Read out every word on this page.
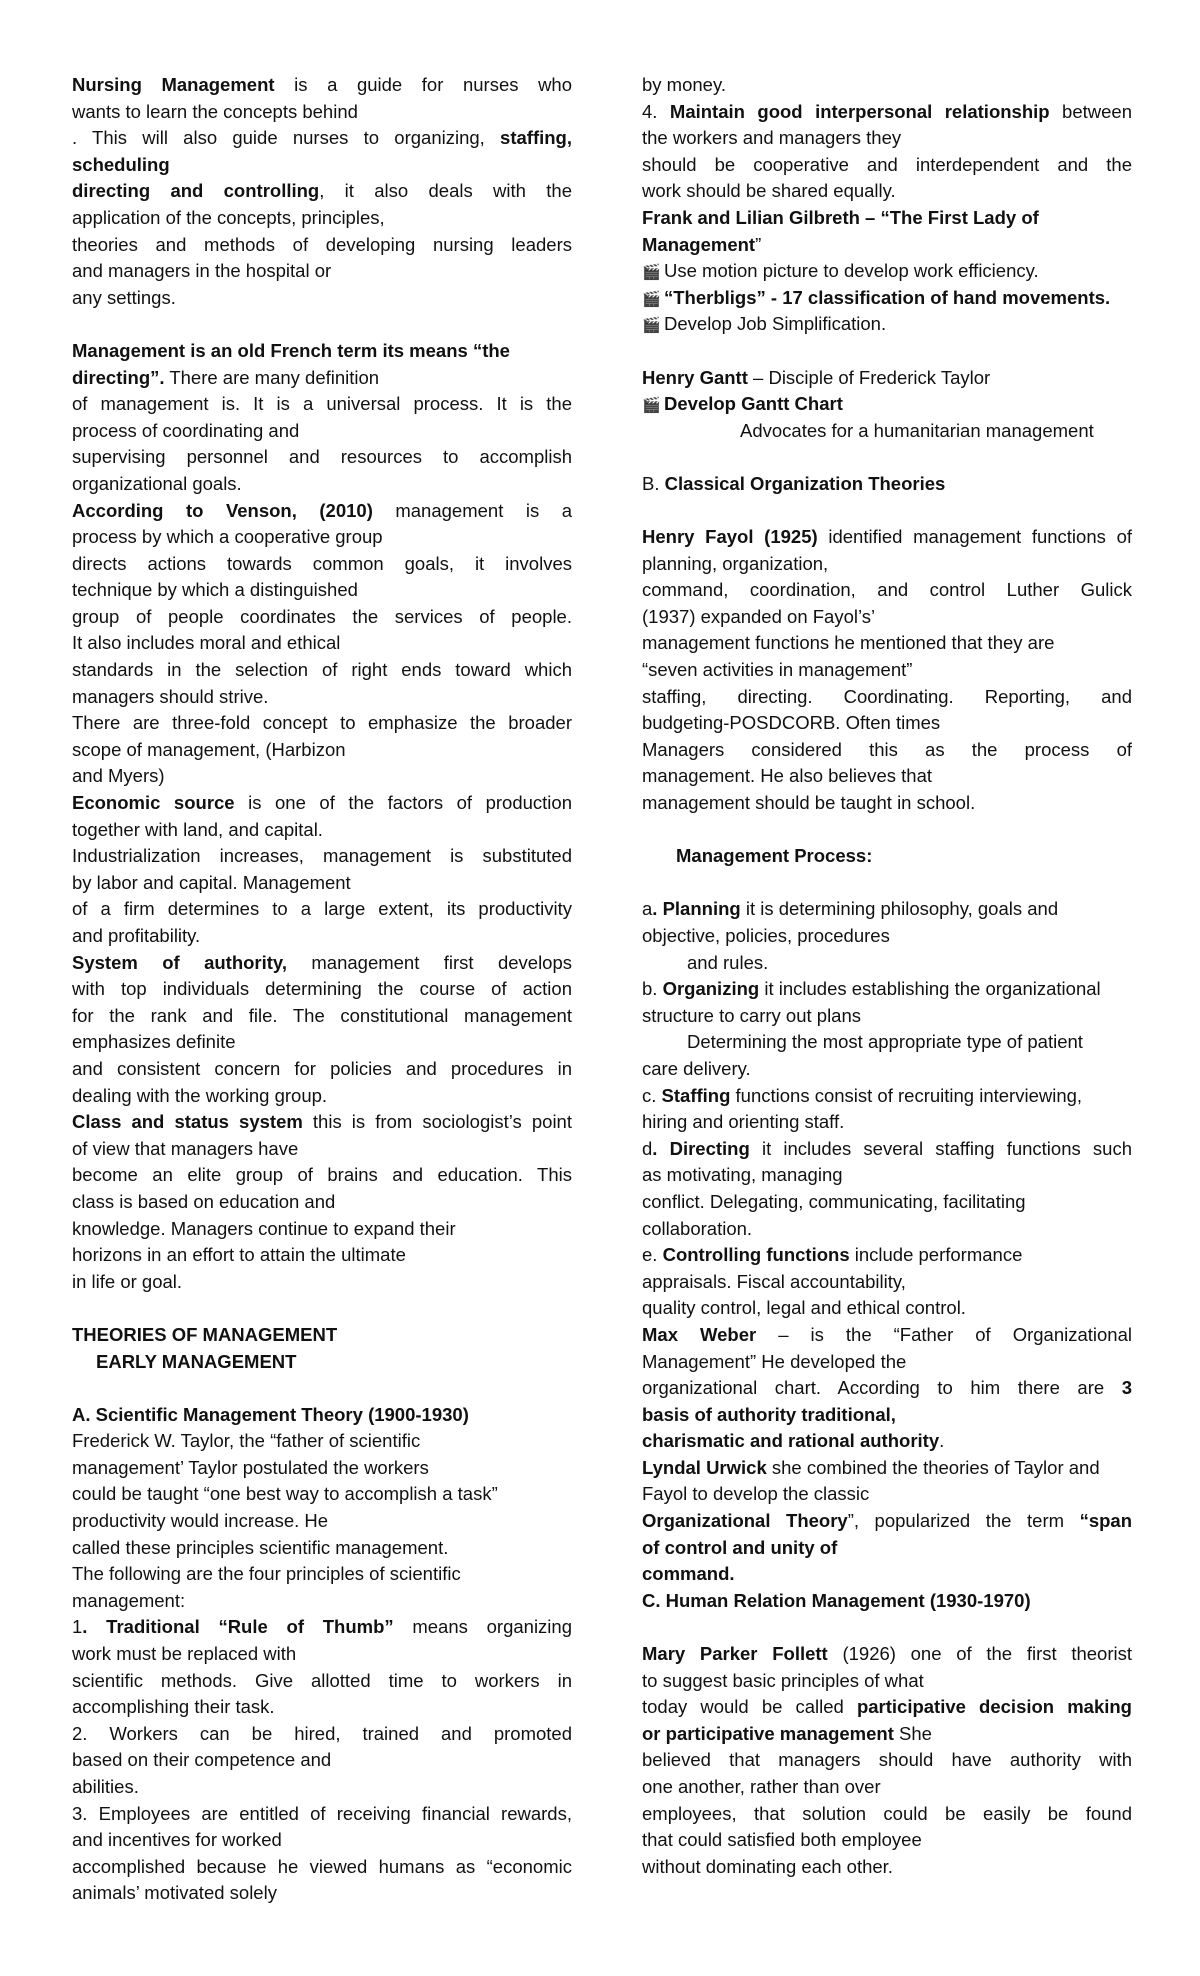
Nursing Management is a guide for nurses who
wants to learn the concepts behind
. This will also guide nurses to organizing, staffing,
scheduling
directing and controlling, it also deals with the
application of the concepts, principles,
theories and methods of developing nursing leaders
and managers in the hospital or
any settings.
Management is an old French term its means “the
directing”. There are many definition
of management is. It is a universal process. It is the
process of coordinating and
supervising personnel and resources to accomplish
organizational goals.
According to Venson, (2010) management is a
process by which a cooperative group
directs actions towards common goals, it involves
technique by which a distinguished
group of people coordinates the services of people.
It also includes moral and ethical
standards in the selection of right ends toward which
managers should strive.
There are three-fold concept to emphasize the broader
scope of management, (Harbizon
and Myers)
Economic source is one of the factors of production
together with land, and capital.
Industrialization increases, management is substituted
by labor and capital. Management
of a firm determines to a large extent, its productivity
and profitability.
System of authority, management first develops
with top individuals determining the course of action
for the rank and file. The constitutional management
emphasizes definite
and consistent concern for policies and procedures in
dealing with the working group.
Class and status system this is from sociologist’s point
of view that managers have
become an elite group of brains and education. This
class is based on education and
knowledge. Managers continue to expand their
horizons in an effort to attain the ultimate
in life or goal.
THEORIES OF MANAGEMENT
EARLY MANAGEMENT
A. Scientific Management Theory (1900-1930)
Frederick W. Taylor, the “father of scientific
management’ Taylor postulated the workers
could be taught “one best way to accomplish a task”
productivity would increase. He
called these principles scientific management.
The following are the four principles of scientific
management:
1. Traditional “Rule of Thumb” means organizing
work must be replaced with
scientific methods. Give allotted time to workers in
accomplishing their task.
2. Workers can be hired, trained and promoted
based on their competence and
abilities.
3. Employees are entitled of receiving financial rewards,
and incentives for worked
accomplished because he viewed humans as “economic
animals’ motivated solely
by money.
4. Maintain good interpersonal relationship between
the workers and managers they
should be cooperative and interdependent and the
work should be shared equally.
Frank and Lilian Gilbreth – “The First Lady of
Management”
🎬 Use motion picture to develop work efficiency.
🎬 “Therbligs” - 17 classification of hand movements.
🎬 Develop Job Simplification.
Henry Gantt – Disciple of Frederick Taylor
🎬 Develop Gantt Chart
Advocates for a humanitarian management
B. Classical Organization Theories
Henry Fayol (1925) identified management functions of
planning, organization,
command, coordination, and control Luther Gulick
(1937) expanded on Fayol’s’
management functions he mentioned that they are
“seven activities in management”
staffing, directing. Coordinating. Reporting, and
budgeting-POSDCORB. Often times
Managers considered this as the process of
management. He also believes that
management should be taught in school.
Management Process:
a. Planning it is determining philosophy, goals and
objective, policies, procedures
and rules.
b. Organizing it includes establishing the organizational
structure to carry out plans
Determining the most appropriate type of patient
care delivery.
c. Staffing functions consist of recruiting interviewing,
hiring and orienting staff.
d. Directing it includes several staffing functions such
as motivating, managing
conflict. Delegating, communicating, facilitating
collaboration.
e. Controlling functions include performance
appraisals. Fiscal accountability,
quality control, legal and ethical control.
Max Weber – is the “Father of Organizational
Management” He developed the
organizational chart. According to him there are 3
basis of authority traditional,
charismatic and rational authority.
Lyndal Urwick she combined the theories of Taylor and
Fayol to develop the classic
Organizational Theory”, popularized the term “span
of control and unity of
command.
C. Human Relation Management (1930-1970)
Mary Parker Follett (1926) one of the first theorist
to suggest basic principles of what
today would be called participative decision making
or participative management She
believed that managers should have authority with
one another, rather than over
employees, that solution could be easily be found
that could satisfied both employee
without dominating each other.
